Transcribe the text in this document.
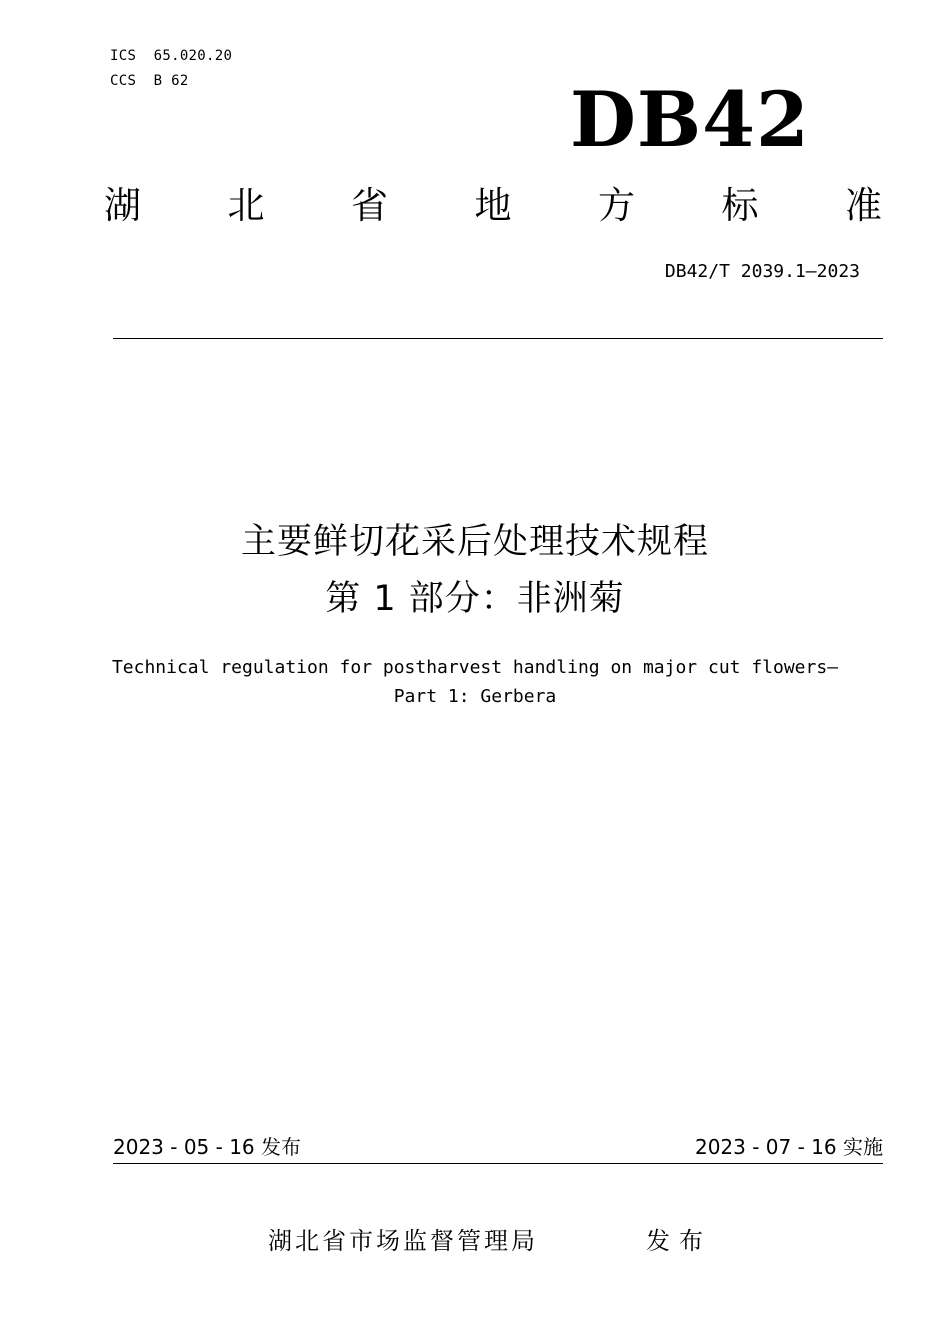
ICS  65.020.20
CCS  B 62	DB42
湖 北 省 地 方 标 准
DB42/T 2039.1—2023
主要鲜切花采后处理技术规程
第 1 部分：非洲菊
Technical regulation for postharvest handling on major cut flowers—
Part 1: Gerbera
2023 - 05 - 16 发布	2023 - 07 - 16 实施
湖北省市场监督管理局	发布
